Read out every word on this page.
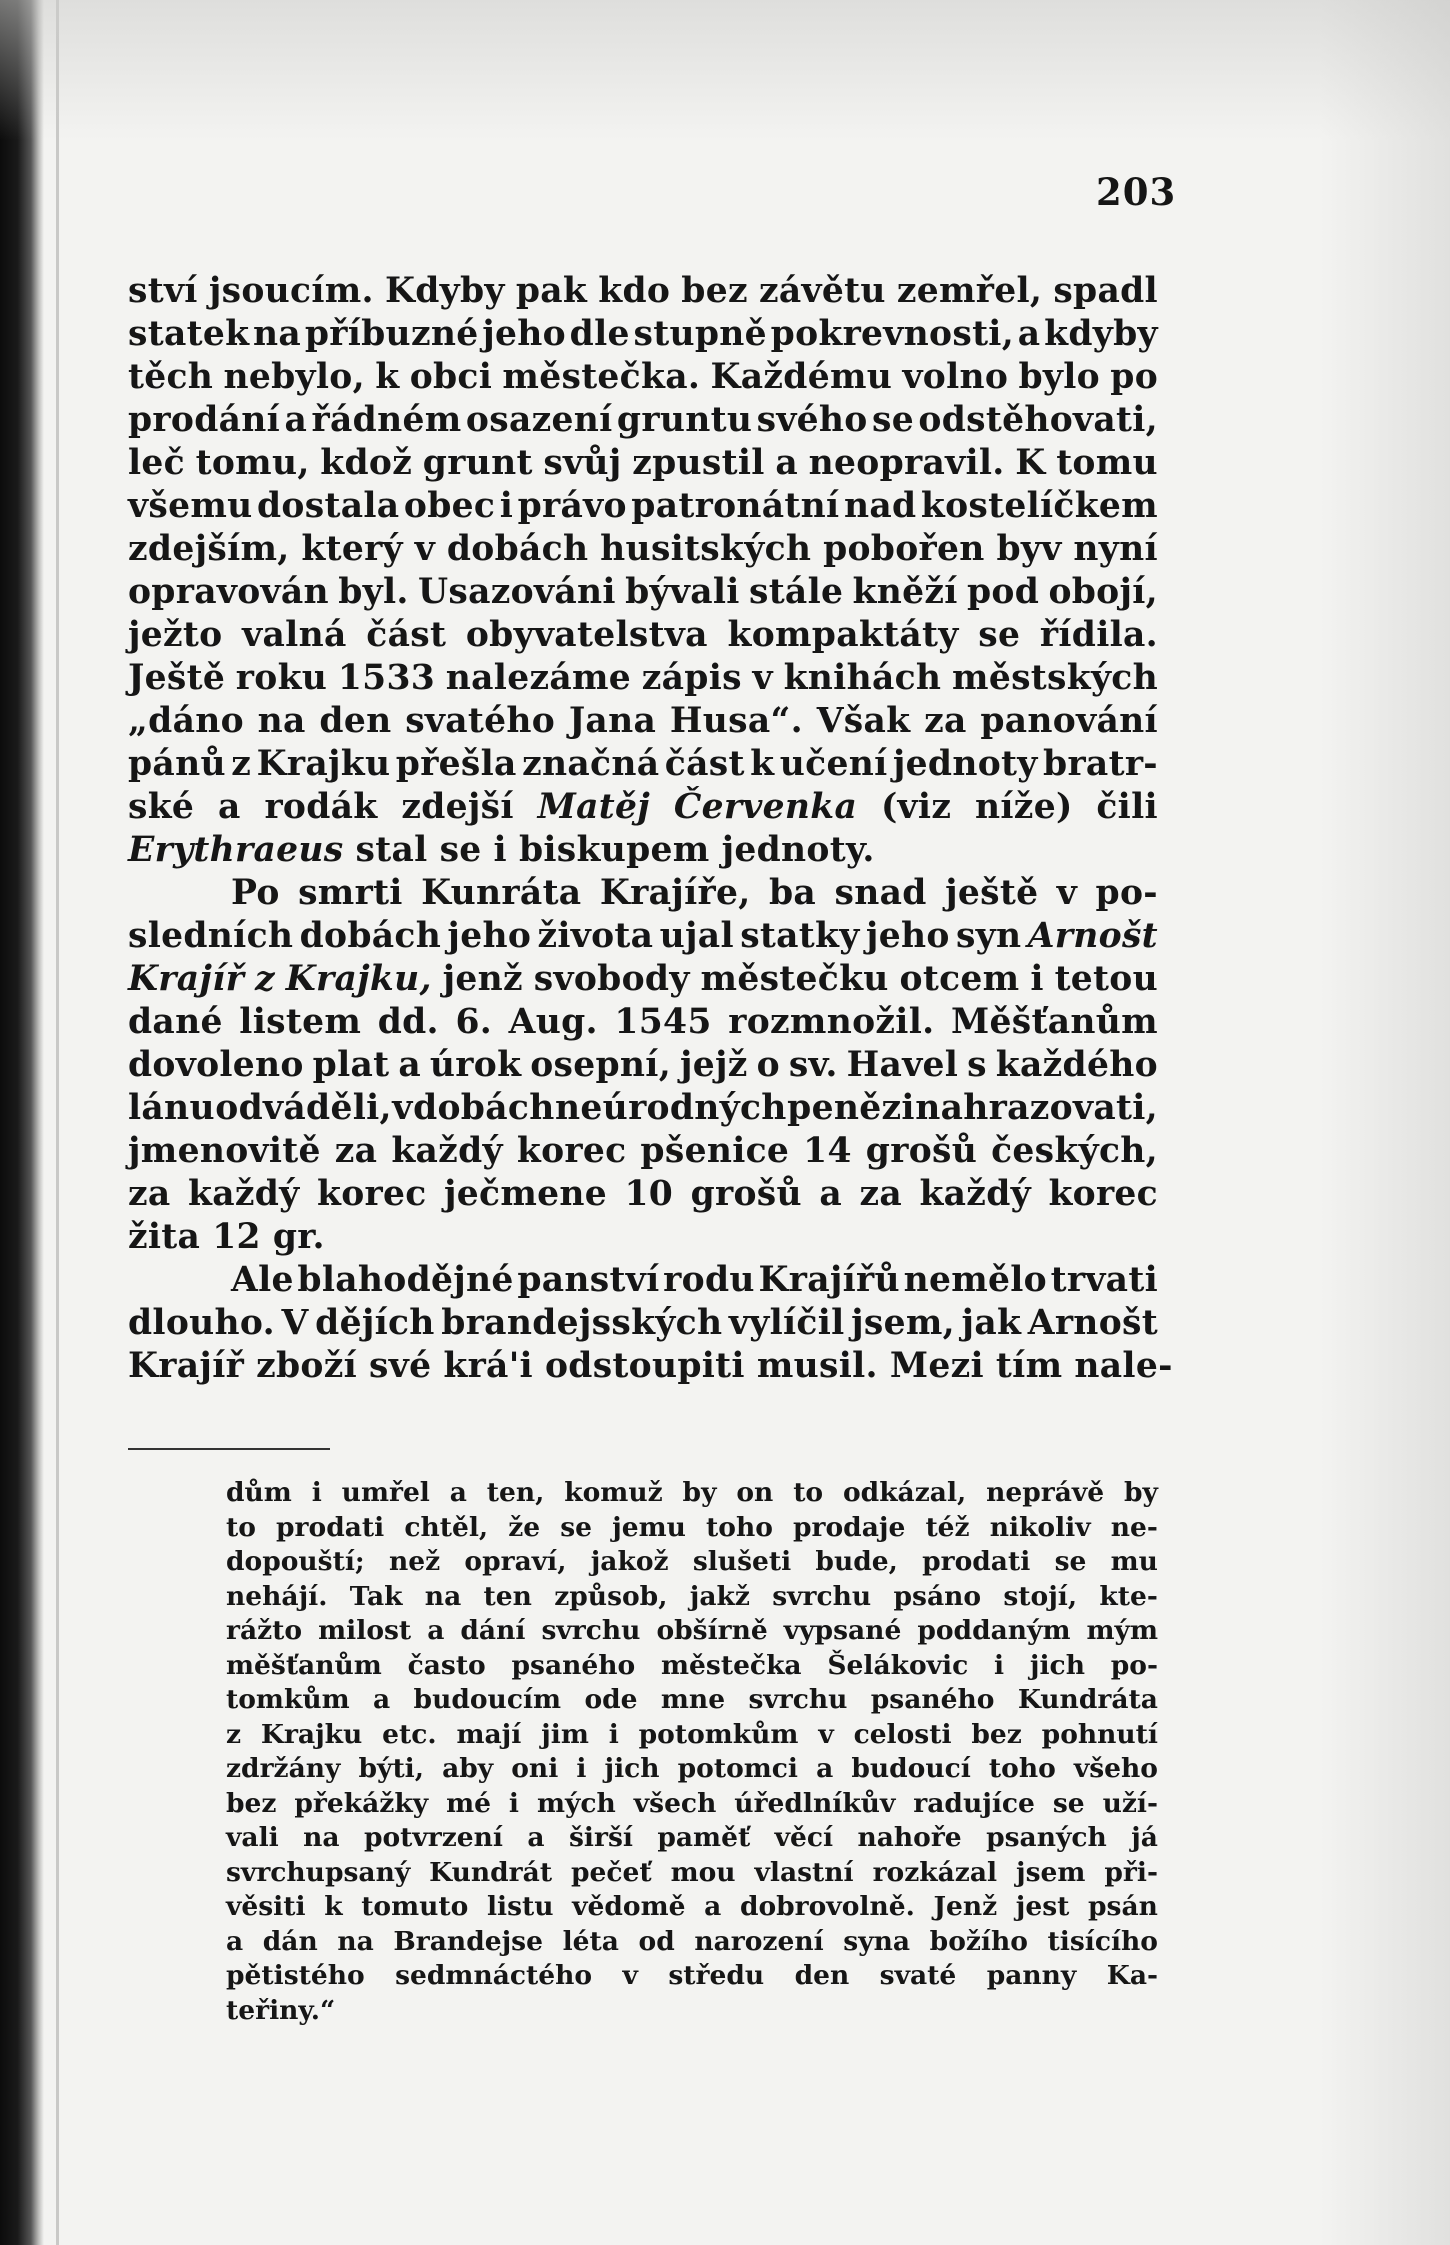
203
ství jsoucím. Kdyby pak kdo bez závětu zemřel, spadl
statek na příbuzné jeho dle stupně pokrevnosti, a kdyby
těch nebylo, k obci městečka. Každému volno bylo po
prodání a řádném osazení gruntu svého se odstěhovati,
leč tomu, kdož grunt svůj zpustil a neopravil. K tomu
všemu dostala obec i právo patronátní nad kostelíčkem
zdejším, který v dobách husitských pobořen byv nyní
opravován byl. Usazováni bývali stále kněží pod obojí,
ježto valná část obyvatelstva kompaktáty se řídila.
Ještě roku 1533 nalezáme zápis v knihách městských
„dáno na den svatého Jana Husa“. Však za panování
pánů z Krajku přešla značná část k učení jednoty bratr-
ské a rodák zdejší Matěj Červenka (viz níže) čili
Erythraeus stal se i biskupem jednoty.
Po smrti Kunráta Krajíře, ba snad ještě v po-
sledních dobách jeho života ujal statky jeho syn Arnošt
Krajíř z Krajku, jenž svobody městečku otcem i tetou
dané listem dd. 6. Aug. 1545 rozmnožil. Měšťanům
dovoleno plat a úrok osepní, jejž o sv. Havel s každého
lánu odváděli, v dobách neúrodných penězi nahrazovati,
jmenovitě za každý korec pšenice 14 grošů českých,
za každý korec ječmene 10 grošů a za každý korec
žita 12 gr.
Ale blahodějné panství rodu Krajířů nemělo trvati
dlouho. V dějích brandejsských vylíčil jsem, jak Arnošt
Krajíř zboží své krá'i odstoupiti musil. Mezi tím nale-
dům i umřel a ten, komuž by on to odkázal, neprávě by
to prodati chtěl, že se jemu toho prodaje též nikoliv ne-
dopouští; než opraví, jakož slušeti bude, prodati se mu
nehájí. Tak na ten způsob, jakž svrchu psáno stojí, kte-
rážto milost a dání svrchu obšírně vypsané poddaným mým
měšťanům často psaného městečka Šelákovic i jich po-
tomkům a budoucím ode mne svrchu psaného Kundráta
z Krajku etc. mají jim i potomkům v celosti bez pohnutí
zdržány býti, aby oni i jich potomci a budoucí toho všeho
bez překážky mé i mých všech úředlníkův radujíce se uží-
vali na potvrzení a širší paměť věcí nahoře psaných já
svrchupsaný Kundrát pečeť mou vlastní rozkázal jsem při-
věsiti k tomuto listu vědomě a dobrovolně. Jenž jest psán
a dán na Brandejse léta od narození syna božího tisícího
pětistého sedmnáctého v středu den svaté panny Ka-
teřiny.“
